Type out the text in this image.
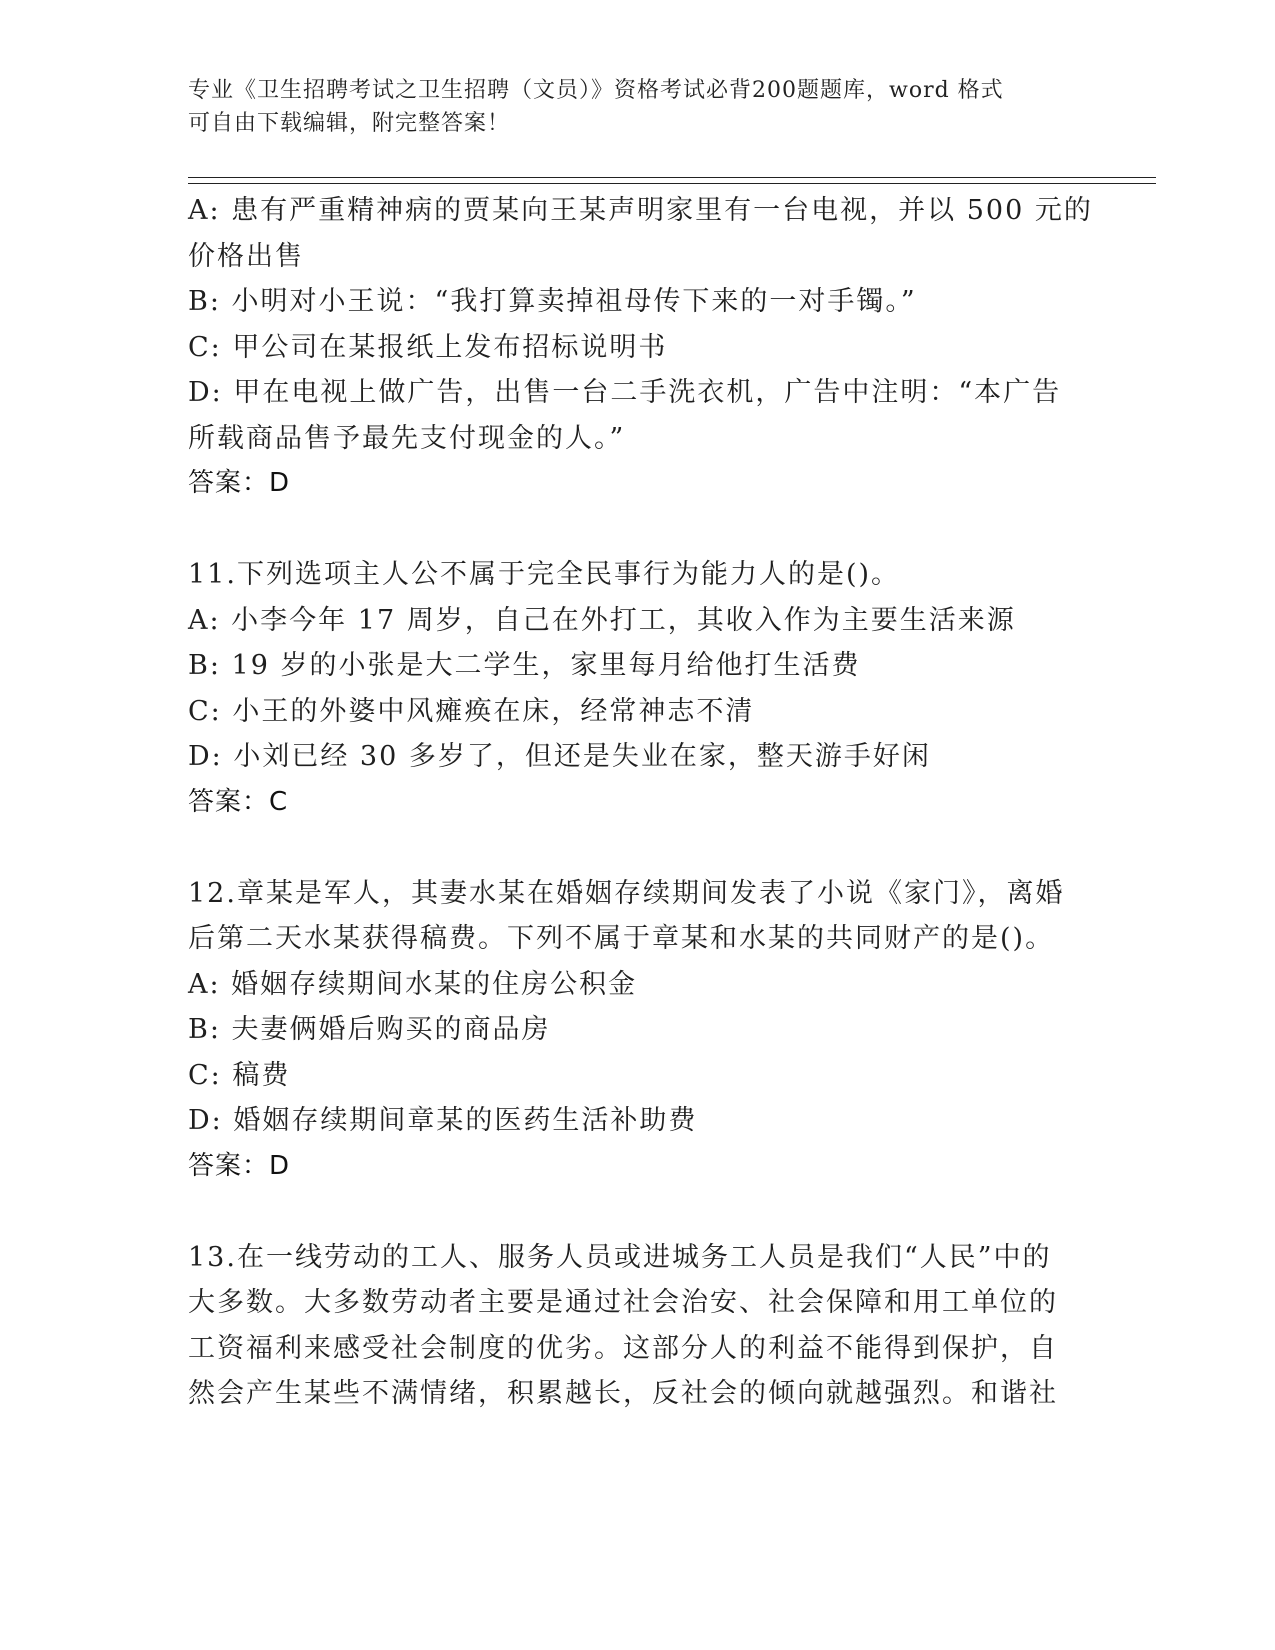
专业《卫生招聘考试之卫生招聘（文员）》资格考试必背200题题库，word 格式
可自由下载编辑，附完整答案！
A: 患有严重精神病的贾某向王某声明家里有一台电视，并以 500 元的
价格出售
B: 小明对小王说：“我打算卖掉祖母传下来的一对手镯。”
C: 甲公司在某报纸上发布招标说明书
D: 甲在电视上做广告，出售一台二手洗衣机，广告中注明：“本广告
所载商品售予最先支付现金的人。”
答案：D
11.下列选项主人公不属于完全民事行为能力人的是()。
A: 小李今年 17 周岁，自己在外打工，其收入作为主要生活来源
B: 19 岁的小张是大二学生，家里每月给他打生活费
C: 小王的外婆中风瘫痪在床，经常神志不清
D: 小刘已经 30 多岁了，但还是失业在家，整天游手好闲
答案：C
12.章某是军人，其妻水某在婚姻存续期间发表了小说《家门》，离婚
后第二天水某获得稿费。下列不属于章某和水某的共同财产的是()。
A: 婚姻存续期间水某的住房公积金
B: 夫妻俩婚后购买的商品房
C: 稿费
D: 婚姻存续期间章某的医药生活补助费
答案：D
13.在一线劳动的工人、服务人员或进城务工人员是我们“人民”中的
大多数。大多数劳动者主要是通过社会治安、社会保障和用工单位的
工资福利来感受社会制度的优劣。这部分人的利益不能得到保护，自
然会产生某些不满情绪，积累越长，反社会的倾向就越强烈。和谐社
